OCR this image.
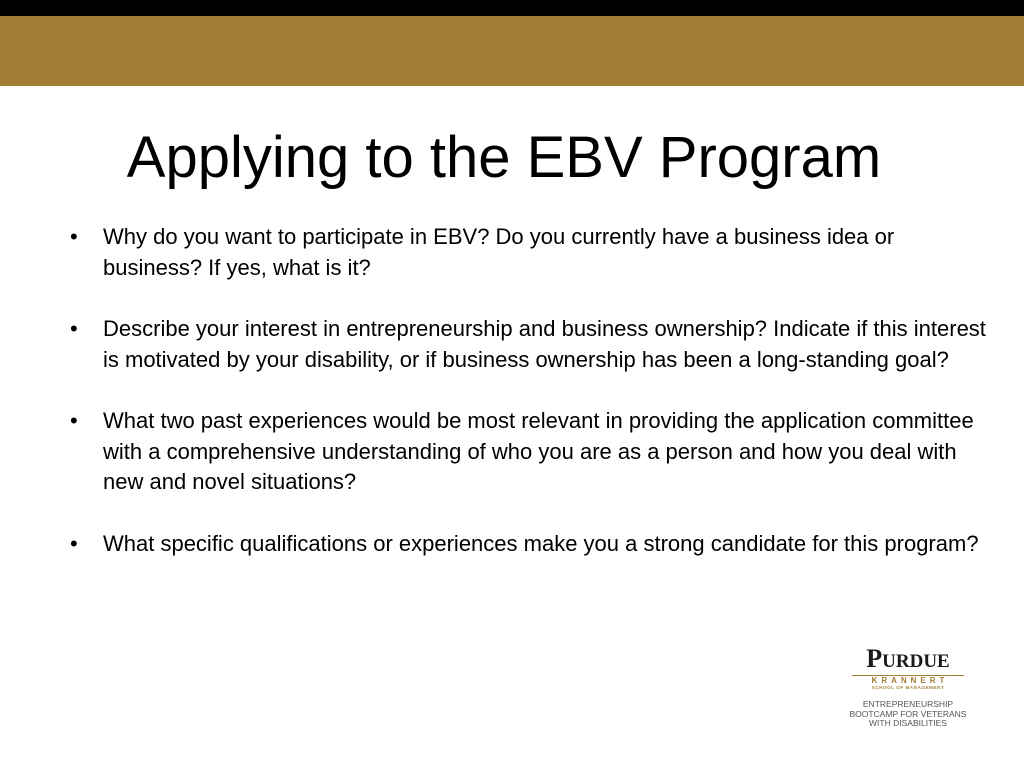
Applying to the EBV Program
• Why do you want to participate in EBV? Do you currently have a business idea or business? If yes, what is it?
• Describe your interest in entrepreneurship and business ownership? Indicate if this interest is motivated by your disability, or if business ownership has been a long-standing goal?
• What two past experiences would be most relevant in providing the application committee with a comprehensive understanding of who you are as a person and how you deal with new and novel situations?
• What specific qualifications or experiences make you a strong candidate for this program?
PURDUE
KRANNERT
SCHOOL OF MANAGEMENT
ENTREPRENEURSHIP
BOOTCAMP FOR VETERANS
WITH DISABILITIES
